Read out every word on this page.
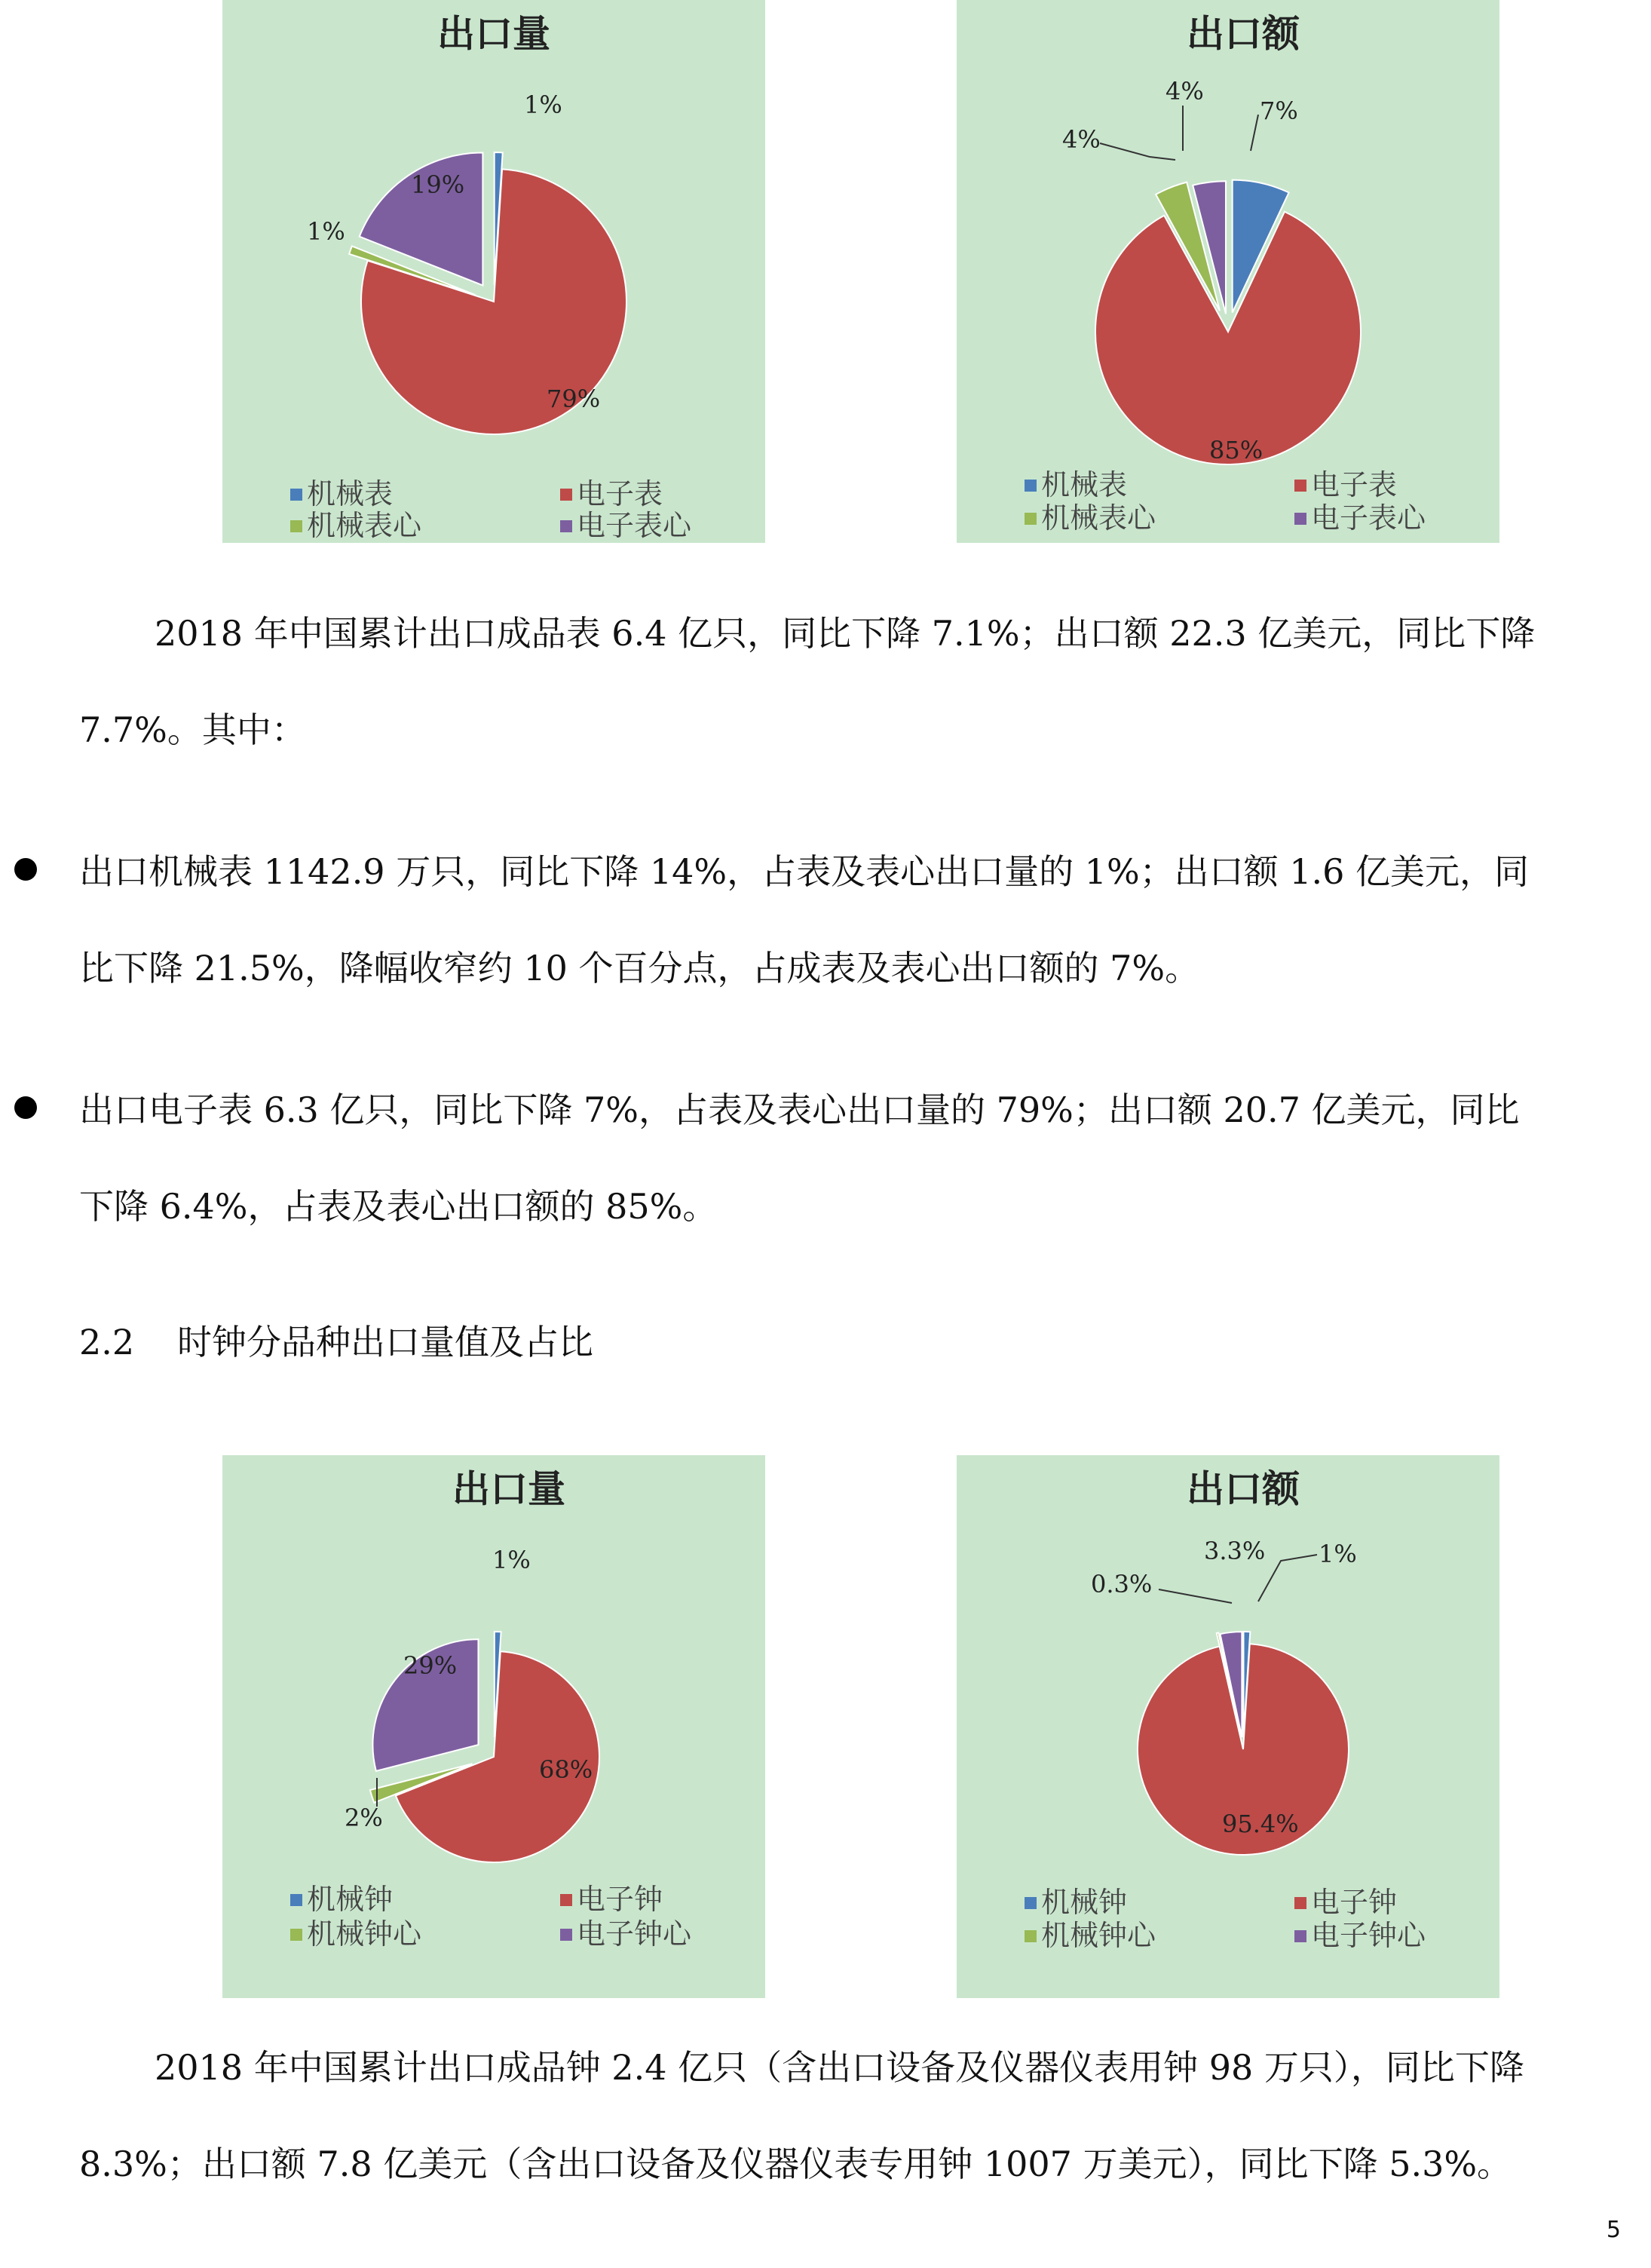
出口量
1%
79%
1%
19%
机械表	电子表
机械表心	电子表心
出口额
7%
85%
4%
4%
机械表	电子表
机械表心	电子表心

2018 年中国累计出口成品表 6.4 亿只，同比下降 7.1%；出口额 22.3 亿美元，同比下降
7.7%。其中：

出口机械表 1142.9 万只，同比下降 14%，占表及表心出口量的 1%；出口额 1.6 亿美元，同
比下降 21.5%，降幅收窄约 10 个百分点，占成表及表心出口额的 7%。

出口电子表 6.3 亿只，同比下降 7%，占表及表心出口量的 79%；出口额 20.7 亿美元，同比
下降 6.4%，占表及表心出口额的 85%。

2.2 时钟分品种出口量值及占比

出口量
1%
68%
2%
29%
机械钟	电子钟
机械钟心	电子钟心
出口额
1%
95.4%
0.3%
3.3%
机械钟	电子钟
机械钟心	电子钟心

2018 年中国累计出口成品钟 2.4 亿只（含出口设备及仪器仪表用钟 98 万只），同比下降
8.3%；出口额 7.8 亿美元（含出口设备及仪器仪表专用钟 1007 万美元），同比下降 5.3%。

5
